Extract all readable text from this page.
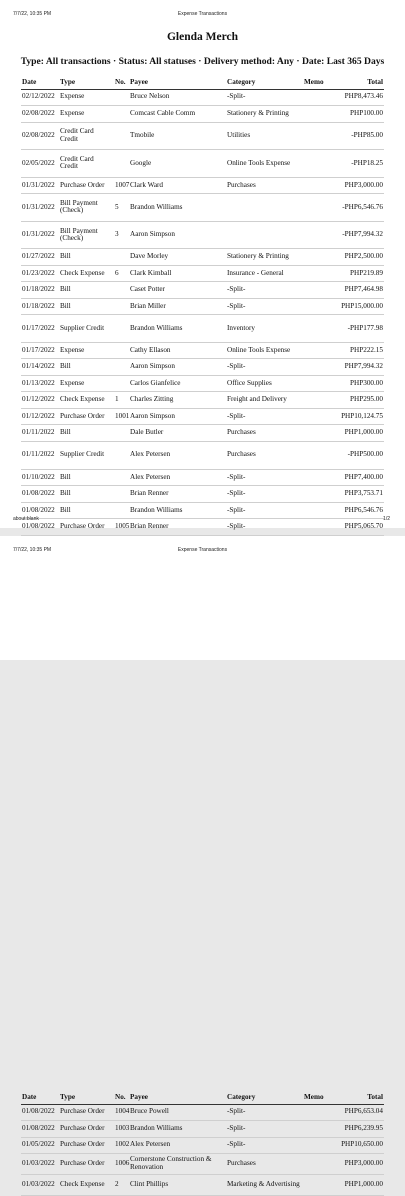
7/7/22, 10:35 PM	Expense Transactions
Glenda Merch
Type: All transactions · Status: All statuses · Delivery method: Any · Date: Last 365 Days
Date	Type	No.	Payee	Category	Memo	Total
02/12/2022	Expense		Bruce Nelson	-Split-		PHP8,473.46
02/08/2022	Expense		Comcast Cable Comm	Stationery & Printing		PHP100.00
02/08/2022	Credit Card Credit		Tmobile	Utilities		-PHP85.00
02/05/2022	Credit Card Credit		Google	Online Tools Expense		-PHP18.25
01/31/2022	Purchase Order	1007	Clark Ward	Purchases		PHP3,000.00
01/31/2022	Bill Payment (Check)	5	Brandon Williams			-PHP6,546.76
01/31/2022	Bill Payment (Check)	3	Aaron Simpson			-PHP7,994.32
01/27/2022	Bill		Dave Morley	Stationery & Printing		PHP2,500.00
01/23/2022	Check Expense	6	Clark Kimball	Insurance - General		PHP219.89
01/18/2022	Bill		Caset Potter	-Split-		PHP7,464.98
01/18/2022	Bill		Brian Miller	-Split-		PHP15,000.00
01/17/2022	Supplier Credit		Brandon Williams	Inventory		-PHP177.98
01/17/2022	Expense		Cathy Ellason	Online Tools Expense		PHP222.15
01/14/2022	Bill		Aaron Simpson	-Split-		PHP7,994.32
01/13/2022	Expense		Carlos Gianfelice	Office Supplies		PHP300.00
01/12/2022	Check Expense	1	Charles Zitting	Freight and Delivery		PHP295.00
01/12/2022	Purchase Order	1001	Aaron Simpson	-Split-		PHP10,124.75
01/11/2022	Bill		Dale Butler	Purchases		PHP1,000.00
01/11/2022	Supplier Credit		Alex Petersen	Purchases		-PHP500.00
01/10/2022	Bill		Alex Petersen	-Split-		PHP7,400.00
01/08/2022	Bill		Brian Renner	-Split-		PHP3,753.71
01/08/2022	Bill		Brandon Williams	-Split-		PHP6,546.76
01/08/2022	Purchase Order	1005	Brian Renner	-Split-		PHP5,065.70
about:blank	1/2
7/7/22, 10:35 PM	Expense Transactions
Date	Type	No.	Payee	Category	Memo	Total
01/08/2022	Purchase Order	1004	Bruce Powell	-Split-		PHP6,653.04
01/08/2022	Purchase Order	1003	Brandon Williams	-Split-		PHP6,239.95
01/05/2022	Purchase Order	1002	Alex Petersen	-Split-		PHP10,650.00
01/03/2022	Purchase Order	1006	Cornerstone Construction & Renovation	Purchases		PHP3,000.00
01/03/2022	Check Expense	2	Clint Phillips	Marketing & Advertising		PHP1,000.00
